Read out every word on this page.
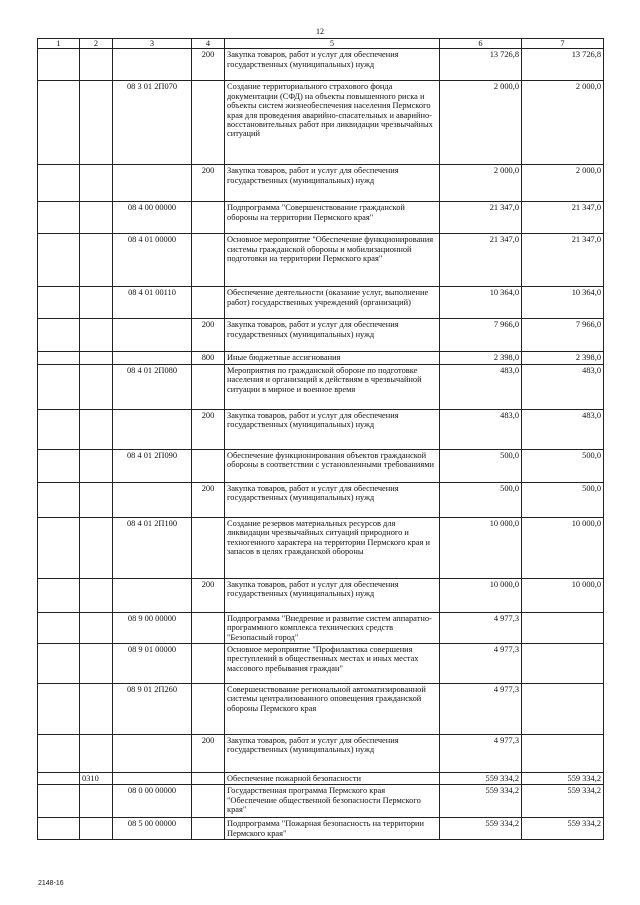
12
1	2	3	4	5	6	7
			200	Закупка товаров, работ и услуг для обеспечения государственных (муниципальных) нужд	13 726,8	13 726,8
		08 3 01 2П070		Создание территориального страхового фонда документации (СФД) на объекты повышенного риска и объекты систем жизнеобеспечения населения Пермского края для проведения аварийно-спасательных и аварийно-восстановительных работ при ликвидации чрезвычайных ситуаций	2 000,0	2 000,0
			200	Закупка товаров, работ и услуг для обеспечения государственных (муниципальных) нужд	2 000,0	2 000,0
		08 4 00 00000		Подпрограмма "Совершенствование гражданской обороны на территории Пермского края"	21 347,0	21 347,0
		08 4 01 00000		Основное мероприятие "Обеспечение функционирования системы гражданской обороны и мобилизационной подготовки на территории Пермского края"	21 347,0	21 347,0
		08 4 01 00110		Обеспечение деятельности (оказание услуг, выполнение работ) государственных учреждений (организаций)	10 364,0	10 364,0
			200	Закупка товаров, работ и услуг для обеспечения государственных (муниципальных) нужд	7 966,0	7 966,0
			800	Иные бюджетные ассигнования	2 398,0	2 398,0
		08 4 01 2П080		Мероприятия по гражданской обороне по подготовке населения и организаций к действиям в чрезвычайной ситуации в мирное и военное время	483,0	483,0
			200	Закупка товаров, работ и услуг для обеспечения государственных (муниципальных) нужд	483,0	483,0
		08 4 01 2П090		Обеспечение функционирования объектов гражданской обороны в соответствии с установленными требованиями	500,0	500,0
			200	Закупка товаров, работ и услуг для обеспечения государственных (муниципальных) нужд	500,0	500,0
		08 4 01 2П100		Создание резервов материальных ресурсов для ликвидации чрезвычайных ситуаций природного и техногенного характера на территории Пермского края и запасов в целях гражданской обороны	10 000,0	10 000,0
			200	Закупка товаров, работ и услуг для обеспечения государственных (муниципальных) нужд	10 000,0	10 000,0
		08 9 00 00000		Подпрограмма "Внедрение и развитие систем аппаратно-программного комплекса технических средств "Безопасный город"	4 977,3	
		08 9 01 00000		Основное мероприятие "Профилактика совершения преступлений в общественных местах и иных местах массового пребывания граждан"	4 977,3	
		08 9 01 2П260		Совершенствование региональной автоматизированной системы централизованного оповещения гражданской обороны Пермского края	4 977,3	
			200	Закупка товаров, работ и услуг для обеспечения государственных (муниципальных) нужд	4 977,3	
	0310			Обеспечение пожарной безопасности	559 334,2	559 334,2
		08 0 00 00000		Государственная программа Пермского края "Обеспечение общественной безопасности Пермского края"	559 334,2	559 334,2
		08 5 00 00000		Подпрограмма "Пожарная безопасность на территории Пермского края"	559 334,2	559 334,2
2148-16
